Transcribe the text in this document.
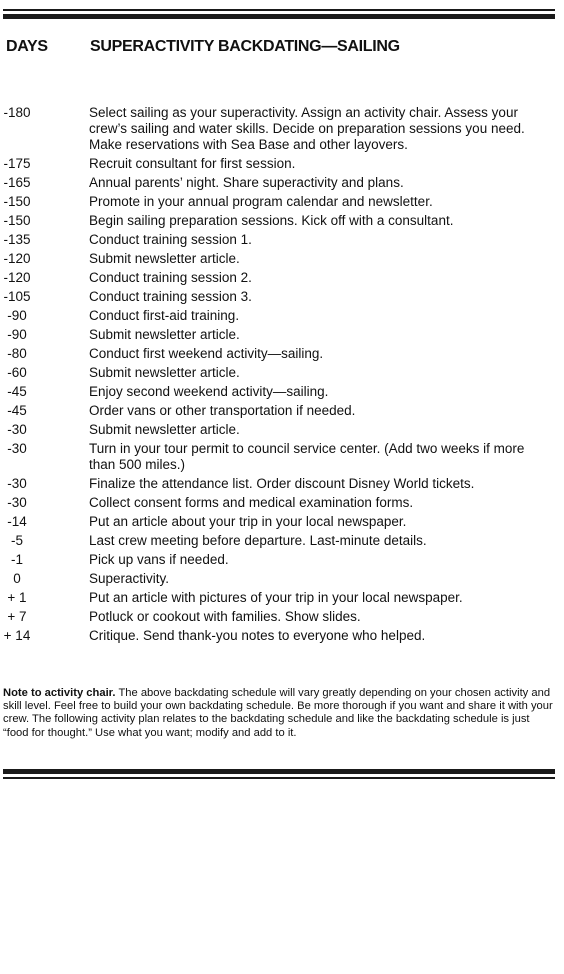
DAYS	SUPERACTIVITY BACKDATING—SAILING
-180	Select sailing as your superactivity. Assign an activity chair. Assess your crew’s sailing and water skills. Decide on preparation sessions you need. Make reservations with Sea Base and other layovers.
-175	Recruit consultant for first session.
-165	Annual parents’ night. Share superactivity and plans.
-150	Promote in your annual program calendar and newsletter.
-150	Begin sailing preparation sessions. Kick off with a consultant.
-135	Conduct training session 1.
-120	Submit newsletter article.
-120	Conduct training session 2.
-105	Conduct training session 3.
-90	Conduct first-aid training.
-90	Submit newsletter article.
-80	Conduct first weekend activity—sailing.
-60	Submit newsletter article.
-45	Enjoy second weekend activity—sailing.
-45	Order vans or other transportation if needed.
-30	Submit newsletter article.
-30	Turn in your tour permit to council service center. (Add two weeks if more than 500 miles.)
-30	Finalize the attendance list. Order discount Disney World tickets.
-30	Collect consent forms and medical examination forms.
-14	Put an article about your trip in your local newspaper.
-5	Last crew meeting before departure. Last-minute details.
-1	Pick up vans if needed.
0	Superactivity.
+ 1	Put an article with pictures of your trip in your local newspaper.
+ 7	Potluck or cookout with families. Show slides.
+ 14	Critique. Send thank-you notes to everyone who helped.
Note to activity chair. The above backdating schedule will vary greatly depending on your chosen activity and skill level. Feel free to build your own backdating schedule. Be more thorough if you want and share it with your crew. The following activity plan relates to the backdating schedule and like the backdating schedule is just “food for thought.” Use what you want; modify and add to it.
